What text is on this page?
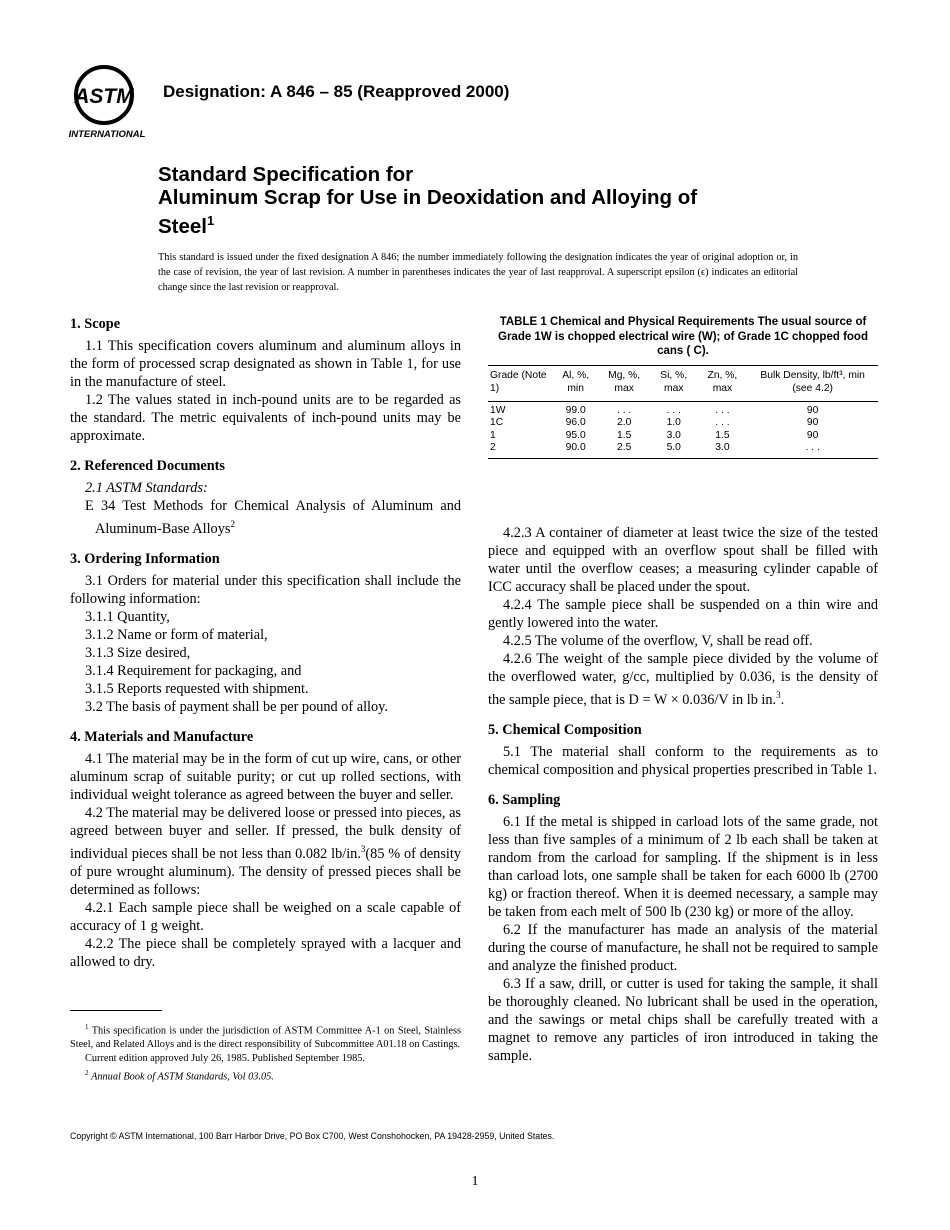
ASTM
INTERNATIONAL
Designation: A 846 – 85 (Reapproved 2000)
Standard Specification for
Aluminum Scrap for Use in Deoxidation and Alloying of
Steel$^1$
This standard is issued under the fixed designation A 846; the number immediately following the designation indicates the year of original adoption or, in the case of revision, the year of last revision. A number in parentheses indicates the year of last reapproval. A superscript epsilon (ϵ) indicates an editorial change since the last revision or reapproval.
1. Scope

1.1 This specification covers aluminum and aluminum alloys in the form of processed scrap designated as shown in Table 1, for use in the manufacture of steel.

1.2 The values stated in inch-pound units are to be regarded as the standard. The metric equivalents of inch-pound units may be approximate.

2. Referenced Documents

2.1 ASTM Standards:

E 34 Test Methods for Chemical Analysis of Aluminum and Aluminum-Base Alloys$^2$

3. Ordering Information

3.1 Orders for material under this specification shall include the following information:

3.1.1 Quantity,
3.1.2 Name or form of material,
3.1.3 Size desired,
3.1.4 Requirement for packaging, and
3.1.5 Reports requested with shipment.

3.2 The basis of payment shall be per pound of alloy.

4. Materials and Manufacture

4.1 The material may be in the form of cut up wire, cans, or other aluminum scrap of suitable purity; or cut up rolled sections, with individual weight tolerance as agreed between the buyer and seller.

4.2 The material may be delivered loose or pressed into pieces, as agreed between buyer and seller. If pressed, the bulk density of individual pieces shall be not less than 0.082 lb/in.$^3$(85 % of density of pure wrought aluminum). The density of pressed pieces shall be determined as follows:

4.2.1 Each sample piece shall be weighed on a scale capable of accuracy of 1 g weight.

4.2.2 The piece shall be completely sprayed with a lacquer and allowed to dry.

TABLE 1 Chemical and Physical Requirements The usual source of Grade 1W is chopped electrical wire (W); of Grade 1C chopped food cans ( C).
Grade (Note 1)	Al, %, min	Mg, %, max	Si, %, max	Zn, %, max	Bulk Density, lb/ft³, min (see 4.2)
1W	99.0	. . .	. . .	. . .	90
1C	96.0	2.0	1.0	. . .	90
1	95.0	1.5	3.0	1.5	90
2	90.0	2.5	5.0	3.0	. . .

4.2.3 A container of diameter at least twice the size of the tested piece and equipped with an overflow spout shall be filled with water until the overflow ceases; a measuring cylinder capable of ICC accuracy shall be placed under the spout.

4.2.4 The sample piece shall be suspended on a thin wire and gently lowered into the water.

4.2.5 The volume of the overflow, V, shall be read off.

4.2.6 The weight of the sample piece divided by the volume of the overflowed water, g/cc, multiplied by 0.036, is the density of the sample piece, that is D = W × 0.036/V in lb in.$^3$.

5. Chemical Composition

5.1 The material shall conform to the requirements as to chemical composition and physical properties prescribed in Table 1.

6. Sampling

6.1 If the metal is shipped in carload lots of the same grade, not less than five samples of a minimum of 2 lb each shall be taken at random from the carload for sampling. If the shipment is in less than carload lots, one sample shall be taken for each 6000 lb (2700 kg) or fraction thereof. When it is deemed necessary, a sample may be taken from each melt of 500 lb (230 kg) or more of the alloy.

6.2 If the manufacturer has made an analysis of the material during the course of manufacture, he shall not be required to sample and analyze the finished product.

6.3 If a saw, drill, or cutter is used for taking the sample, it shall be thoroughly cleaned. No lubricant shall be used in the operation, and the sawings or metal chips shall be carefully treated with a magnet to remove any particles of iron introduced in taking the sample.

$^1$ This specification is under the jurisdiction of ASTM Committee A-1 on Steel, Stainless Steel, and Related Alloys and is the direct responsibility of Subcommittee A01.18 on Castings.

Current edition approved July 26, 1985. Published September 1985.

$^2$ Annual Book of ASTM Standards, Vol 03.05.

Copyright © ASTM International, 100 Barr Harbor Drive, PO Box C700, West Conshohocken, PA 19428-2959, United States.
1
